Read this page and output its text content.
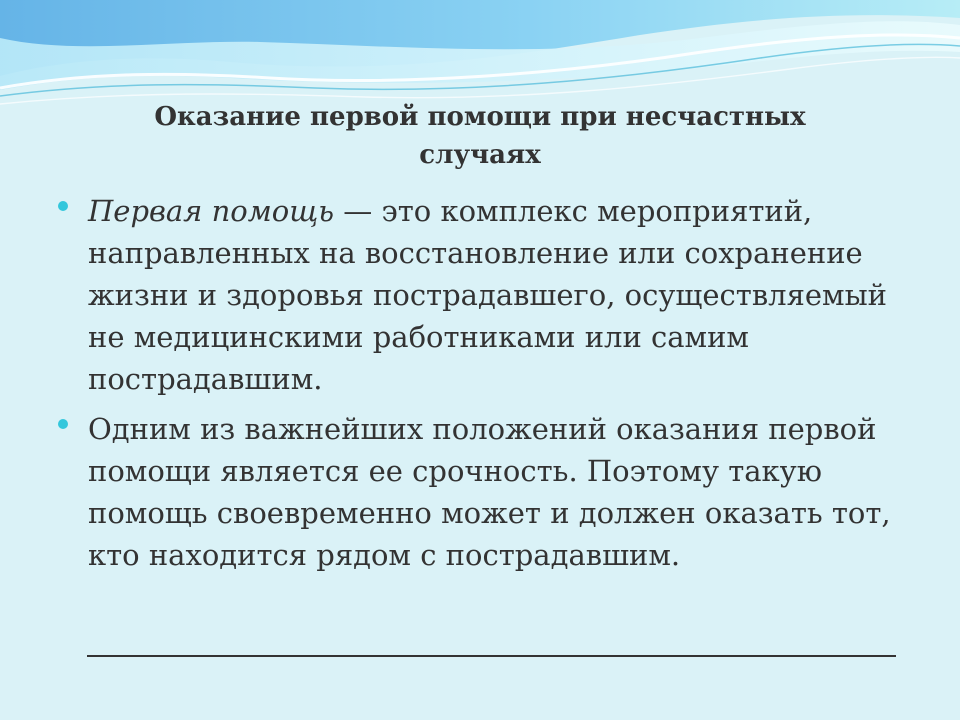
Оказание первой помощи при несчастных случаях
Первая помощь — это комплекс мероприятий, направленных на восстановление или сохранение жизни и здоровья пострадавшего, осуществляемый не медицинскими работниками или самим пострадавшим.
Одним из важнейших положений оказания первой помощи является ее срочность. Поэтому такую помощь своевременно может и должен оказать тот, кто находится рядом с пострадавшим.
